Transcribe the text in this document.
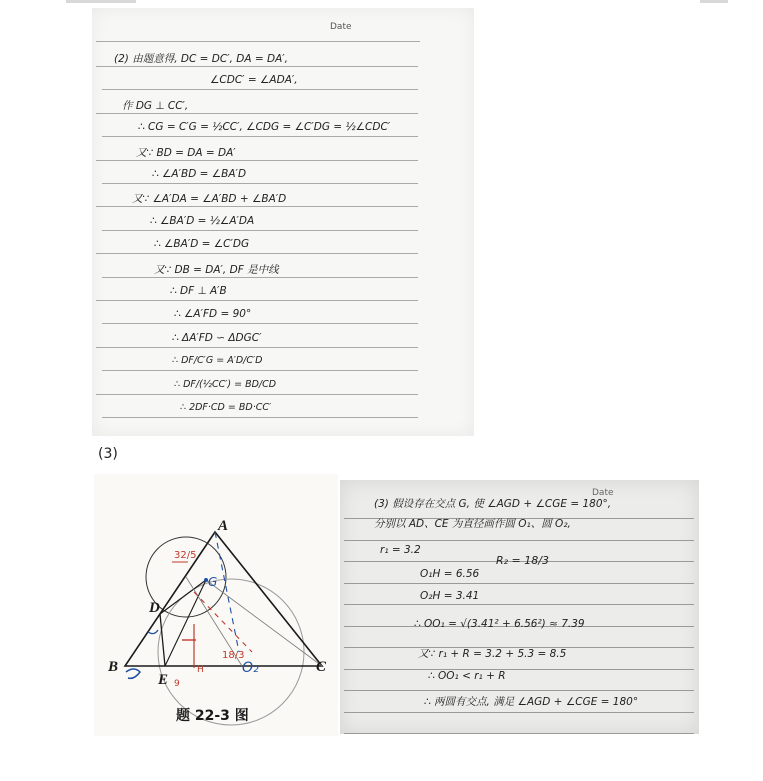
Date
(2) 由题意得, DC = DC′, DA = DA′,
∠CDC′ = ∠ADA′,
作 DG ⊥ CC′,
∴ CG = C′G = ½CC′, ∠CDG = ∠C′DG = ½∠CDC′
又∵ BD = DA = DA′
∴ ∠A′BD = ∠BA′D
又∵ ∠A′DA = ∠A′BD + ∠BA′D
∴ ∠BA′D = ½∠A′DA
∴ ∠BA′D = ∠C′DG
又∵ DB = DA′, DF 是中线
∴ DF ⊥ A′B
∴ ∠A′FD = 90°
∴ ΔA′FD ∽ ΔDGC′
∴ DF/C′G = A′D/C′D
∴ DF/(½CC′) = BD/CD
∴ 2DF·CD = BD·CC′
(3)
A
B	C
D
E
G
H	O₂
32/5
18/3
9
题 22-3 图
Date
(3) 假设存在交点 G, 使 ∠AGD + ∠CGE = 180°,
分别以 AD、CE 为直径画作圆 O₁、圆 O₂,
r₁ = 3.2
O₁H = 6.56
O₂H = 3.41
∴ OO₁ = √(3.41² + 6.56²) ≈ 7.39
又∵ r₁ + R = 3.2 + 5.3 = 8.5
∴ OO₁ < r₁ + R
∴ 两圆有交点, 满足 ∠AGD + ∠CGE = 180°
R₂ = 18/3
